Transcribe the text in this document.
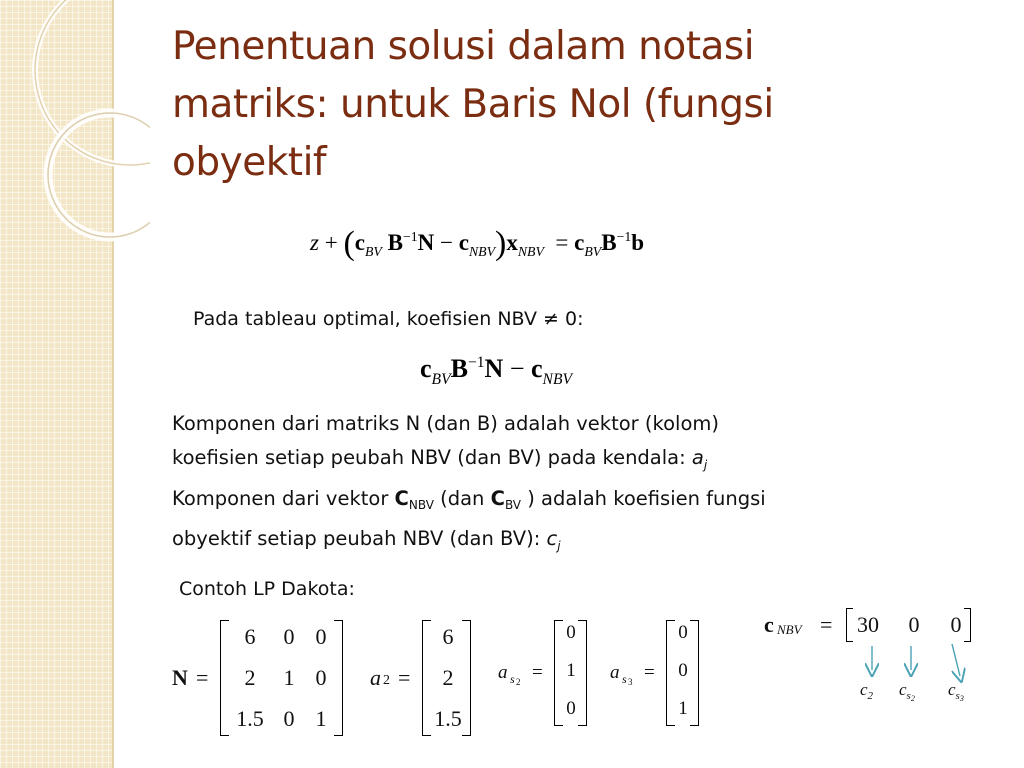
Penentuan solusi dalam notasi
matriks: untuk Baris Nol (fungsi
obyektif
$z + (c_{BV}$ $B^{-1}N - c_{NBV})x_{NBV} = c_{BV}B^{-1}b$
Pada tableau optimal, koefisien NBV ≠ 0:
$c_{BV}B^{-1}N - c_{NBV}$
Komponen dari matriks N (dan B) adalah vektor (kolom)
koefisien setiap peubah NBV (dan BV) pada kendala: $a_j$
Komponen dari vektor $C_{NBV}$ (dan $C_{BV}$ ) adalah koefisien fungsi
obyektif setiap peubah NBV (dan BV): $c_j$
Contoh LP Dakota:
N =
6	0 0
2	1 0
1.5 0 1
a 2 =
6
2
1.5
a s 2 =
0
1
0
a s 3 =
0
0
1
c NBV = 30	0	0
$c_2$ $c_{s2}$ $c_{s3}$
